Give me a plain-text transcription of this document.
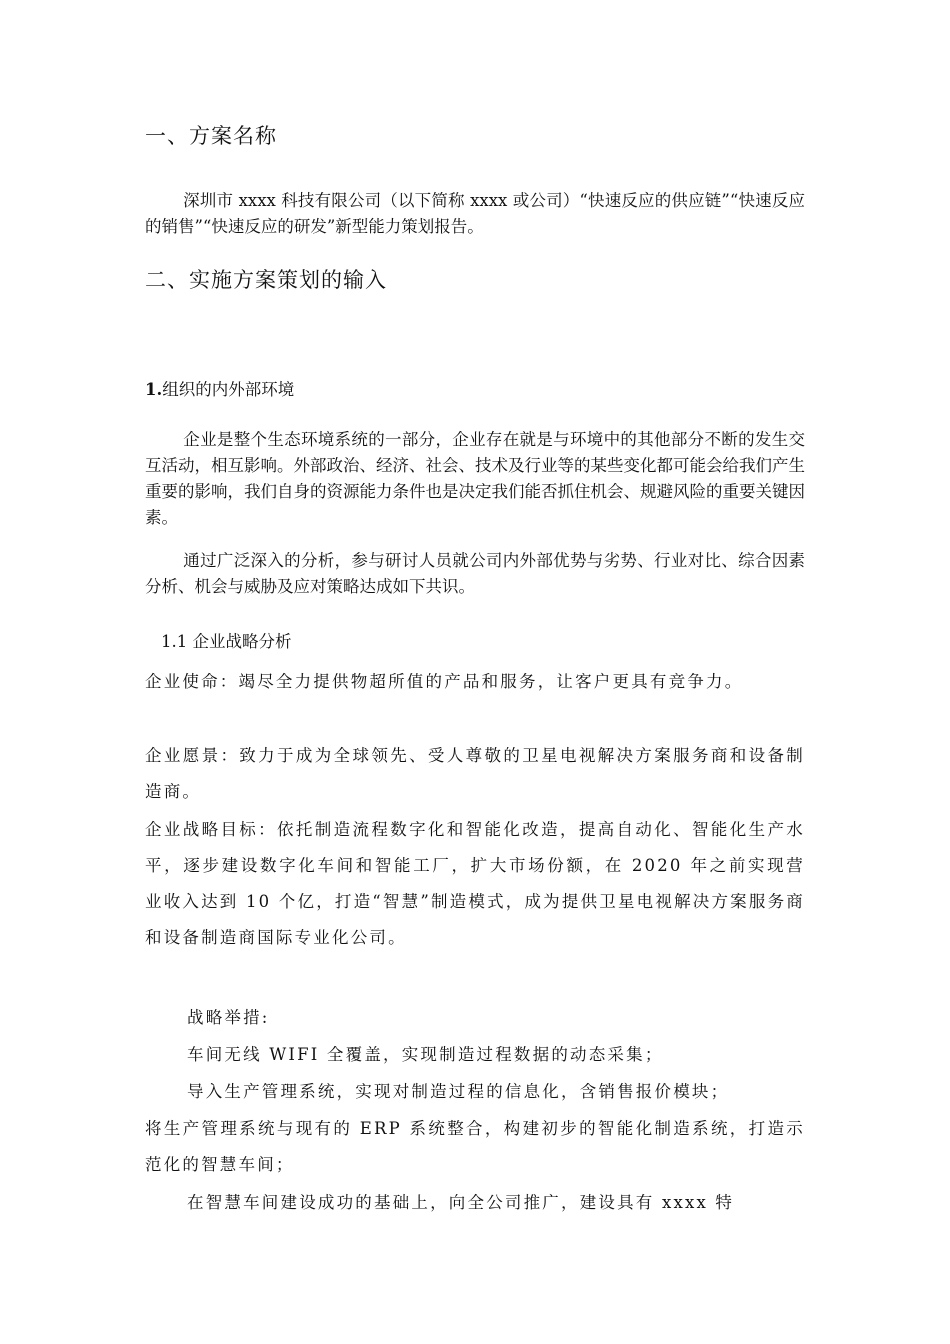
一、方案名称
深圳市 xxxx 科技有限公司（以下简称 xxxx 或公司）“快速反应的供应链”“快速反应的销售”“快速反应的研发”新型能力策划报告。
二、实施方案策划的输入
1.组织的内外部环境
企业是整个生态环境系统的一部分，企业存在就是与环境中的其他部分不断的发生交互活动，相互影响。外部政治、经济、社会、技术及行业等的某些变化都可能会给我们产生重要的影响，我们自身的资源能力条件也是决定我们能否抓住机会、规避风险的重要关键因素。
通过广泛深入的分析，参与研讨人员就公司内外部优势与劣势、行业对比、综合因素分析、机会与威胁及应对策略达成如下共识。
1.1 企业战略分析
企业使命：竭尽全力提供物超所值的产品和服务，让客户更具有竞争力。
企业愿景：致力于成为全球领先、受人尊敬的卫星电视解决方案服务商和设备制造商。
企业战略目标：依托制造流程数字化和智能化改造，提高自动化、智能化生产水平，逐步建设数字化车间和智能工厂，扩大市场份额，在 2020 年之前实现营业收入达到 10 个亿，打造“智慧”制造模式，成为提供卫星电视解决方案服务商和设备制造商国际专业化公司。
战略举措:
车间无线 WIFI 全覆盖，实现制造过程数据的动态采集；
导入生产管理系统，实现对制造过程的信息化，含销售报价模块；
将生产管理系统与现有的 ERP 系统整合，构建初步的智能化制造系统，打造示范化的智慧车间；
在智慧车间建设成功的基础上，向全公司推广，建设具有 xxxx 特
